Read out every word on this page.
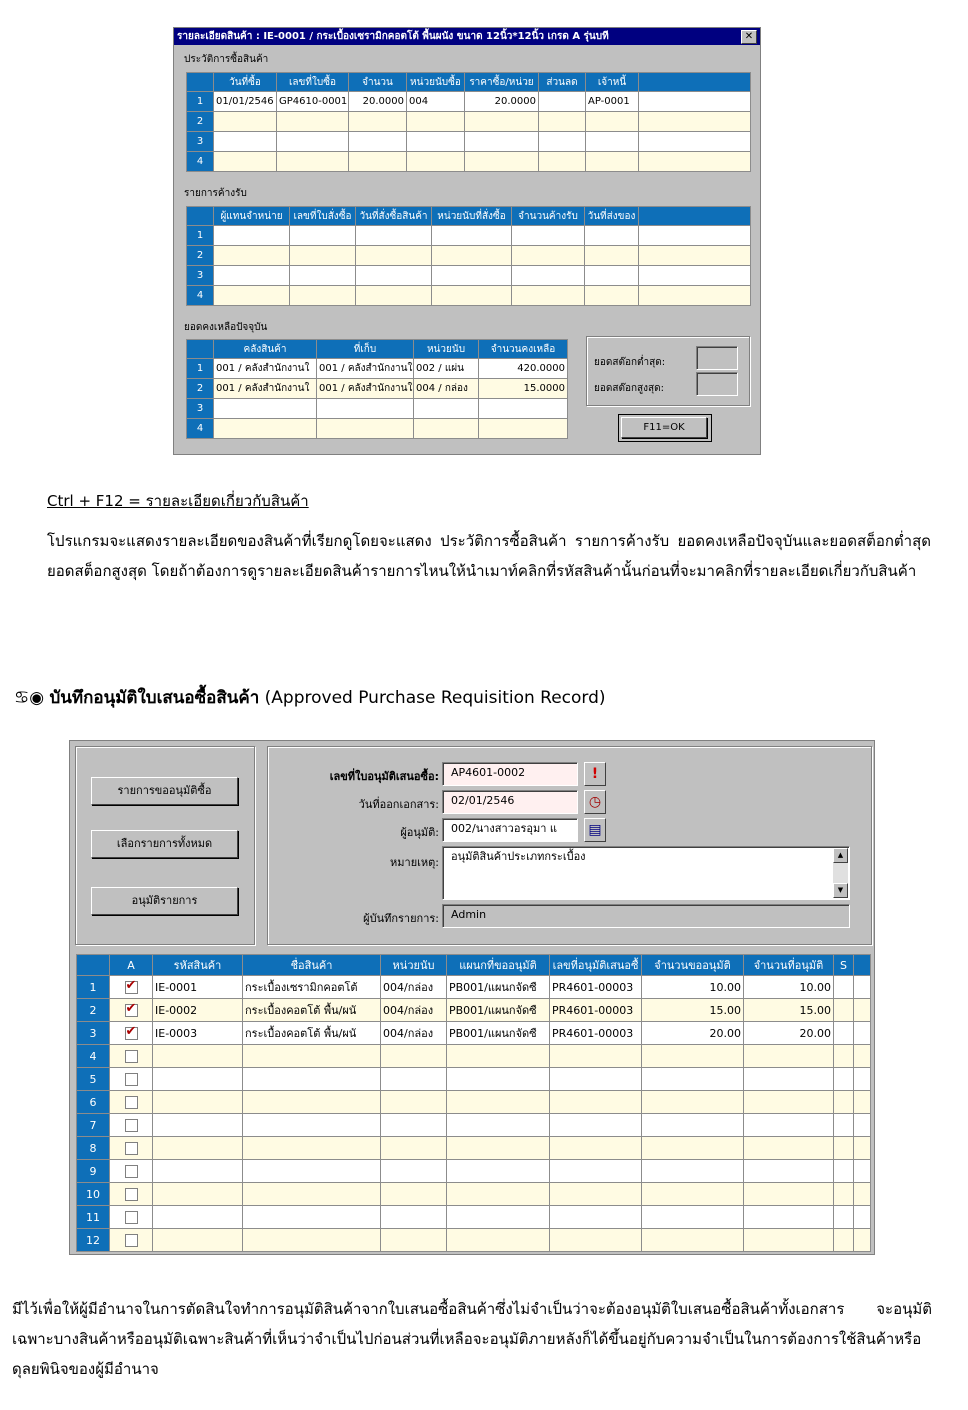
รายละเอียดสินค้า : IE-0001 / กระเบื้องเซรามิกคอตโต้ พื้นผนัง ขนาด 12นิ้ว*12นิ้ว เกรด A รุ่นบที	✕
ประวัติการซื้อสินค้า
	วันที่ซื้อ	เลขที่ใบซื้อ	จำนวน	หน่วยนับซื้อ	ราคาซื้อ/หน่วย	ส่วนลด	เจ้าหนี้	
1	01/01/2546	GP4610-0001	20.0000	004	20.0000		AP-0001	
2								
3								
4								
รายการค้างรับ
	ผู้แทนจำหน่าย	เลขที่ใบสั่งซื้อ	วันที่สั่งซื้อสินค้า	หน่วยนับที่สั่งซื้อ	จำนวนค้างรับ	วันที่ส่งของ	
1							
2							
3							
4							
ยอดคงเหลือปัจจุบัน
	คลังสินค้า	ที่เก็บ	หน่วยนับ	จำนวนคงเหลือ
1	001 / คลังสำนักงานใ	001 / คลังสำนักงานใ	002 / แผ่น	420.0000
2	001 / คลังสำนักงานใ	001 / คลังสำนักงานใ	004 / กล่อง	15.0000
3				
4				
ยอดสต๊อกต่ำสุด:
ยอดสต๊อกสูงสุด:
F11=OK
Ctrl + F12 = รายละเอียดเกี่ยวกับสินค้า
โปรแกรมจะแสดงรายละเอียดของสินค้าที่เรียกดูโดยจะแสดง ประวัติการซื้อสินค้า รายการค้างรับ ยอดคงเหลือปัจจุบันและยอดสต็อกต่ำสุด ยอดสต็อกสูงสุด โดยถ้าต้องการดูรายละเอียดสินค้ารายการไหนให้นำเมาท์คลิกที่รหัสสินค้านั้นก่อนที่จะมาคลิกที่รายละเอียดเกี่ยวกับสินค้า
♋◉ บันทึกอนุมัติใบเสนอซื้อสินค้า (Approved Purchase Requisition Record)
รายการขออนุมัติซื้อ
เลือกรายการทั้งหมด
อนุมัติรายการ
เลขที่ใบอนุมัติเสนอซื้อ:	AP4601-0002	!
วันที่ออกเอกสาร:	02/01/2546	◷
ผู้อนุมัติ:	002/นางสาวอรอุมา แ	▤
หมายเหตุ:	อนุมัติสินค้าประเภทกระเบื้อง	▲
▼
ผู้บันทึกรายการ:	Admin
	A	รหัสสินค้า	ชื่อสินค้า	หน่วยนับ	แผนกที่ขออนุมัติ	เลขที่อนุมัติเสนอซื้	จำนวนขออนุมัติ	จำนวนที่อนุมัติ	S	
1	✔	IE-0001	กระเบื้องเซรามิกคอตโต้	004/กล่อง	PB001/แผนกจัดซื	PR4601-00003	10.00	10.00		
2	✔	IE-0002	กระเบื้องคอตโต้ พื้น/ผนั	004/กล่อง	PB001/แผนกจัดซื	PR4601-00003	15.00	15.00		
3	✔	IE-0003	กระเบื้องคอตโต้ พื้น/ผนั	004/กล่อง	PB001/แผนกจัดซื	PR4601-00003	20.00	20.00		
4										
5										
6										
7										
8										
9										
10										
11										
12										
มีไว้เพื่อให้ผู้มีอำนาจในการตัดสินใจทำการอนุมัติสินค้าจากใบเสนอซื้อสินค้าซึ่งไม่จำเป็นว่าจะต้องอนุมัติใบเสนอซื้อสินค้าทั้งเอกสาร จะอนุมัติเฉพาะบางสินค้าหรืออนุมัติเฉพาะสินค้าที่เห็นว่าจำเป็นไปก่อนส่วนที่เหลือจะอนุมัติภายหลังก็ได้ขึ้นอยู่กับความจำเป็นในการต้องการใช้สินค้าหรือดุลยพินิจของผู้มีอำนาจ
